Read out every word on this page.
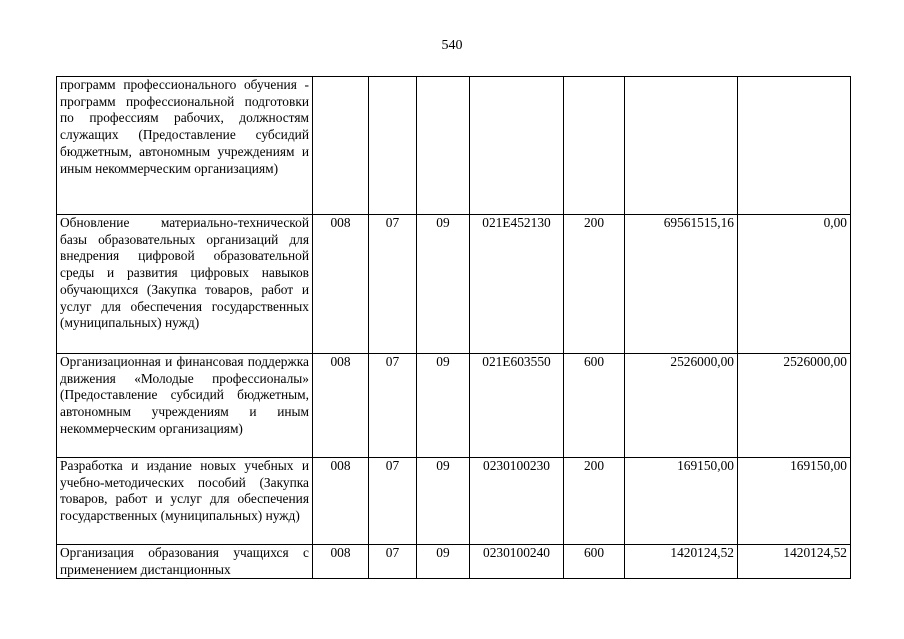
540
программ профессионального обучения - программ профессиональной подготовки по профессиям рабочих, должностям служащих (Предоставление субсидий бюджетным, автономным учреждениям и иным некоммерческим организациям)							
Обновление материально-технической базы образовательных организаций для внедрения цифровой образовательной среды и развития цифровых навыков обучающихся (Закупка товаров, работ и услуг для обеспечения государственных (муниципальных) нужд)	008	07	09	021E452130	200	69561515,16	0,00
Организационная и финансовая поддержка движения «Молодые профессионалы» (Предоставление субсидий бюджетным, автономным учреждениям и иным некоммерческим организациям)	008	07	09	021E603550	600	2526000,00	2526000,00
Разработка и издание новых учебных и учебно-методических пособий (Закупка товаров, работ и услуг для обеспечения государственных (муниципальных) нужд)	008	07	09	0230100230	200	169150,00	169150,00
Организация образования учащихся с применением дистанционных	008	07	09	0230100240	600	1420124,52	1420124,52
